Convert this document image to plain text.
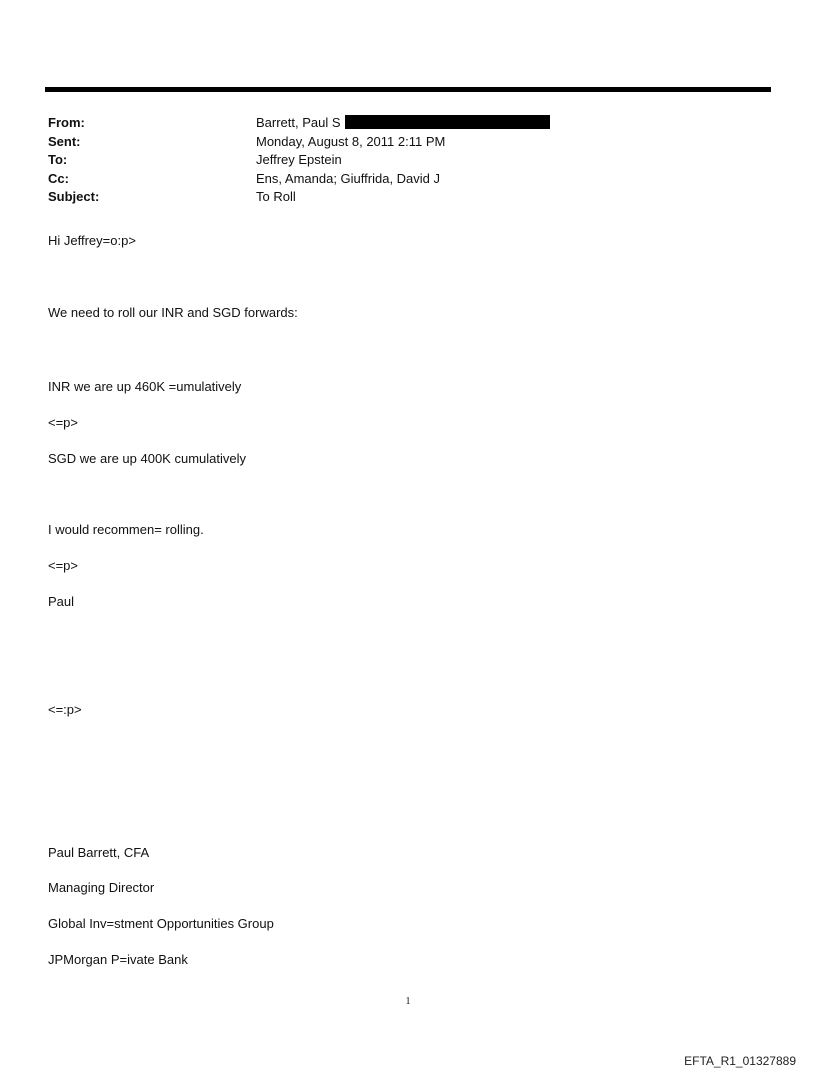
From:	Barrett, Paul S
Sent:	Monday, August 8, 2011 2:11 PM
To:	Jeffrey Epstein
Cc:	Ens, Amanda; Giuffrida, David J
Subject:	To Roll
Hi Jeffrey=o:p>
We need to roll our INR and SGD forwards:
INR we are up 460K =umulatively
<=p>
SGD we are up 400K cumulatively
I would recommen= rolling.
<=p>
Paul
<=:p>
Paul Barrett, CFA
Managing Director
Global Inv=stment Opportunities Group
JPMorgan P=ivate Bank
1
EFTA_R1_01327889
